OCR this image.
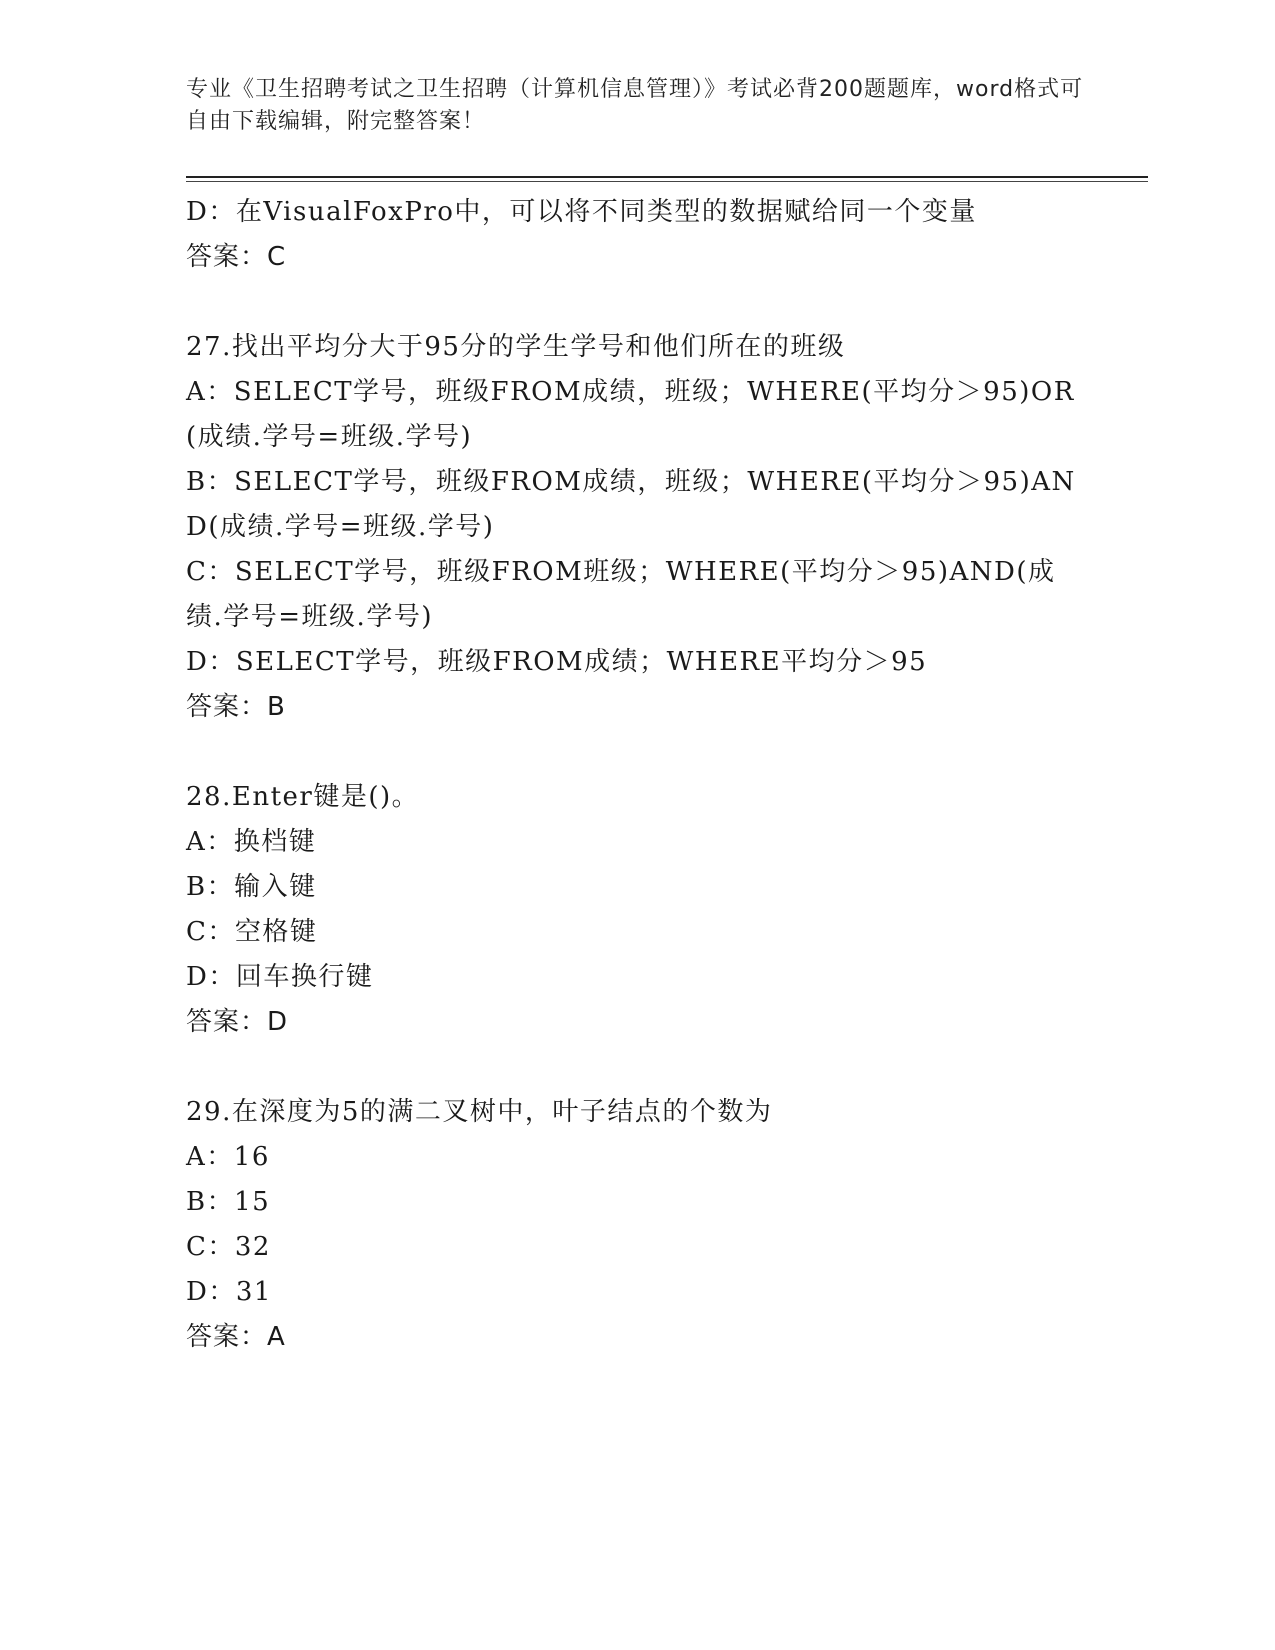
专业《卫生招聘考试之卫生招聘（计算机信息管理）》考试必背200题题库，word格式可自由下载编辑，附完整答案！
D：在VisualFoxPro中，可以将不同类型的数据赋给同一个变量
答案：C
27.找出平均分大于95分的学生学号和他们所在的班级
A：SELECT学号，班级FROM成绩，班级；WHERE(平均分＞95)OR(成绩.学号=班级.学号)
B：SELECT学号，班级FROM成绩，班级；WHERE(平均分＞95)AND(成绩.学号=班级.学号)
C：SELECT学号，班级FROM班级；WHERE(平均分＞95)AND(成绩.学号=班级.学号)
D：SELECT学号，班级FROM成绩；WHERE平均分＞95
答案：B
28.Enter键是()。
A：换档键
B：输入键
C：空格键
D：回车换行键
答案：D
29.在深度为5的满二叉树中，叶子结点的个数为
A：16
B：15
C：32
D：31
答案：A
